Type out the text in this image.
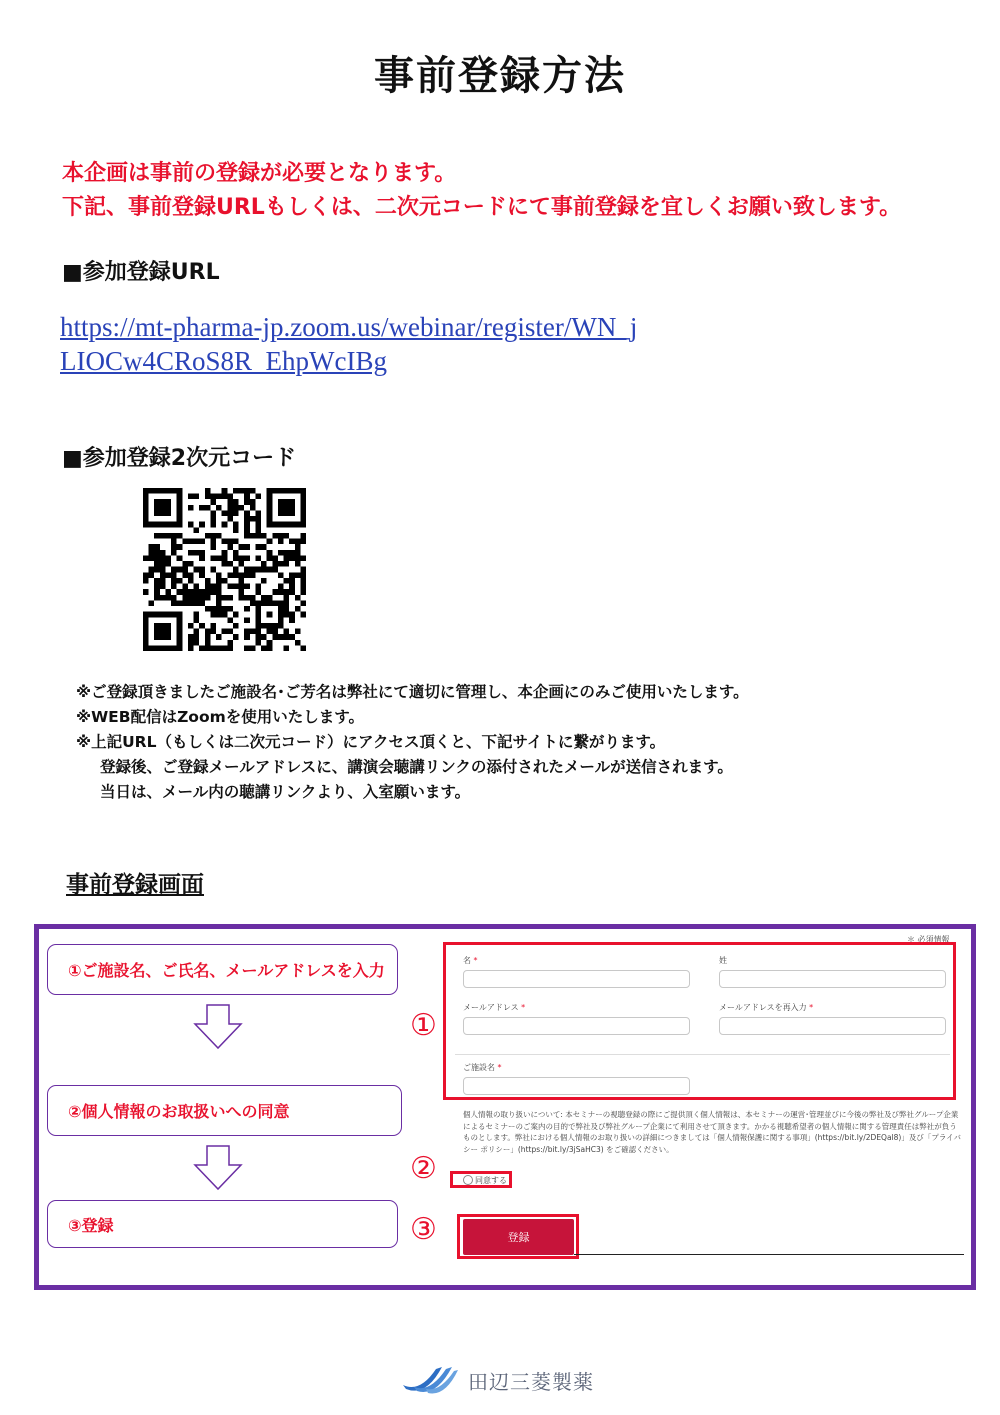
事前登録方法
本企画は事前の登録が必要となります。
下記、事前登録URLもしくは、二次元コードにて事前登録を宜しくお願い致します。
■参加登録URL
https://mt-pharma-jp.zoom.us/webinar/register/WN_j
LIOCw4CRoS8R_EhpWcIBg
■参加登録2次元コード
※ご登録頂きましたご施設名･ご芳名は弊社にて適切に管理し、本企画にのみご使用いたします。
※WEB配信はZoomを使用いたします。
※上記URL（もしくは二次元コード）にアクセス頂くと、下記サイトに繋がります。
登録後、ご登録メールアドレスに、講演会聴講リンクの添付されたメールが送信されます。
当日は、メール内の聴講リンクより、入室願います。
事前登録画面
①ご施設名、ご氏名、メールアドレスを入力
②個人情報のお取扱いへの同意
③登録
①
②
③
＊ 必須情報
名 *	姓
メールアドレス *	メールアドレスを再入力 *
ご施設名 *
個人情報の取り扱いについて: 本セミナーの視聴登録の際にご提供頂く個人情報は、本セミナーの運営･管理並びに今後の弊社及び弊社グループ企業によるセミナーのご案内の目的で弊社及び弊社グループ企業にて利用させて頂きます。かかる視聴希望者の個人情報に関する管理責任は弊社が負うものとします。弊社における個人情報のお取り扱いの詳細につきましては「個人情報保護に関する事項」(https://bit.ly/2DEQal8)」及び「プライバシー ポリシー」(https://bit.ly/3jSaHC3) をご確認ください。
同意する
登録
田辺三菱製薬
